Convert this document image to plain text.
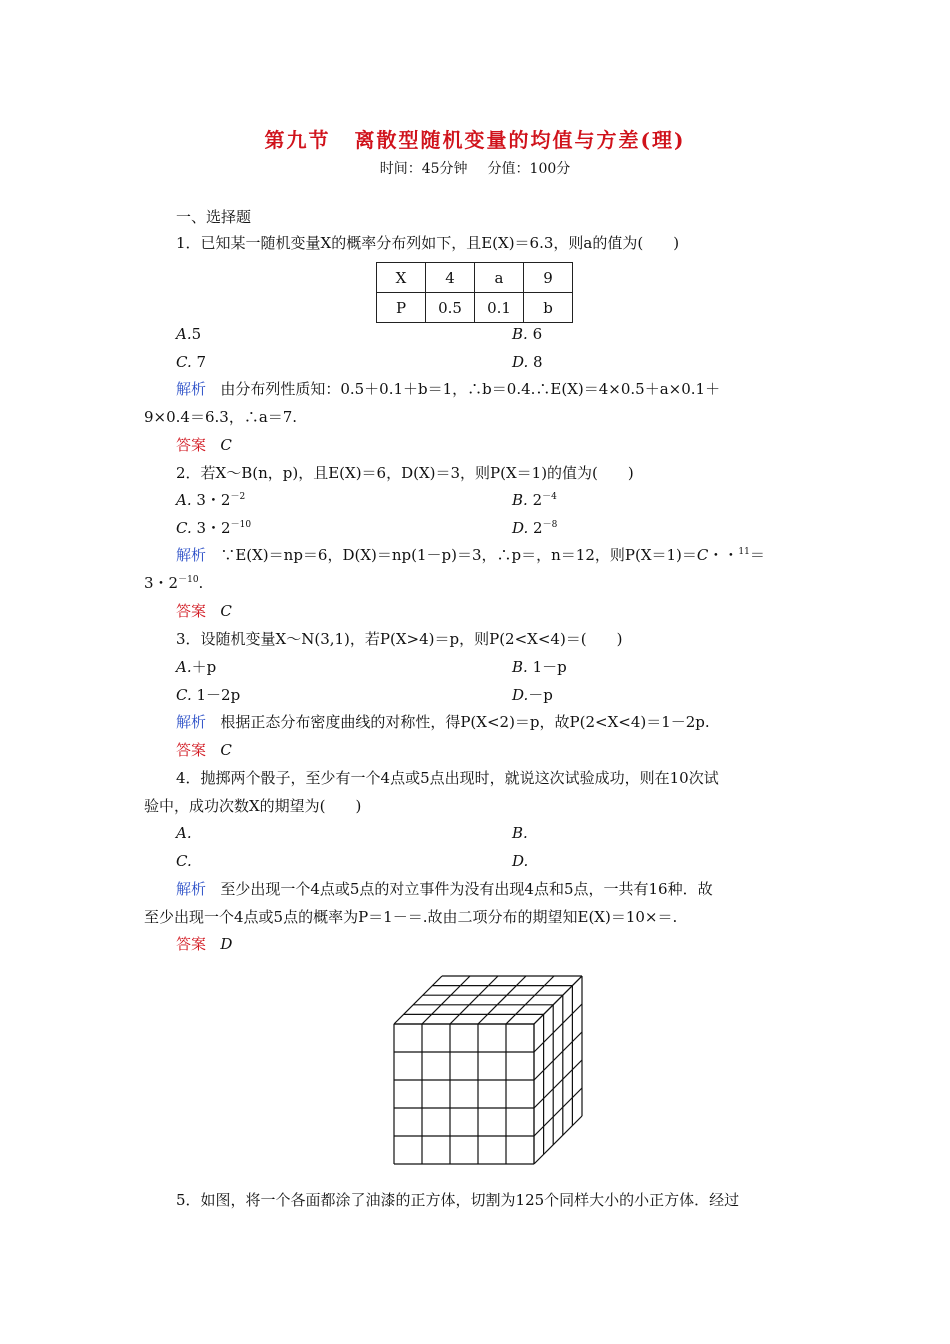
第九节 离散型随机变量的均值与方差(理)
时间：45分钟 分值：100分
一、选择题
1．已知某一随机变量X的概率分布列如下，且E(X)＝6.3，则a的值为(　　)
X	4	a	9
P	0.5	0.1	b
A.5	B. 6
C. 7	D. 8
解析 由分布列性质知：0.5＋0.1＋b＝1，∴b＝0.4.∴E(X)＝4×0.5＋a×0.1＋
9×0.4＝6.3，∴a＝7.
答案 C
2．若X～B(n，p)，且E(X)＝6，D(X)＝3，则P(X＝1)的值为(　　)
A. 3・$2^{-2}$	B. $2^{-4}$
C. 3・$2^{-10}$	D. $2^{-8}$
解析 ∵E(X)＝np＝6，D(X)＝np(1－p)＝3，∴p＝，n＝12，则P(X＝1)＝C・・$^{11}$＝
3・$2^{-10}$.
答案 C
3．设随机变量X～N(3,1)，若P(X>4)＝p，则P(2<X<4)＝(　　)
A.＋p	B. 1－p
C. 1－2p	D.－p
解析 根据正态分布密度曲线的对称性，得P(X<2)＝p，故P(2<X<4)＝1－2p.
答案 C
4．抛掷两个骰子，至少有一个4点或5点出现时，就说这次试验成功，则在10次试
验中，成功次数X的期望为(　　)
A.	B.
C.	D.
解析 至少出现一个4点或5点的对立事件为没有出现4点和5点，一共有16种．故
至少出现一个4点或5点的概率为P＝1－＝.故由二项分布的期望知E(X)＝10×＝.
答案 D
5．如图，将一个各面都涂了油漆的正方体，切割为125个同样大小的小正方体．经过
